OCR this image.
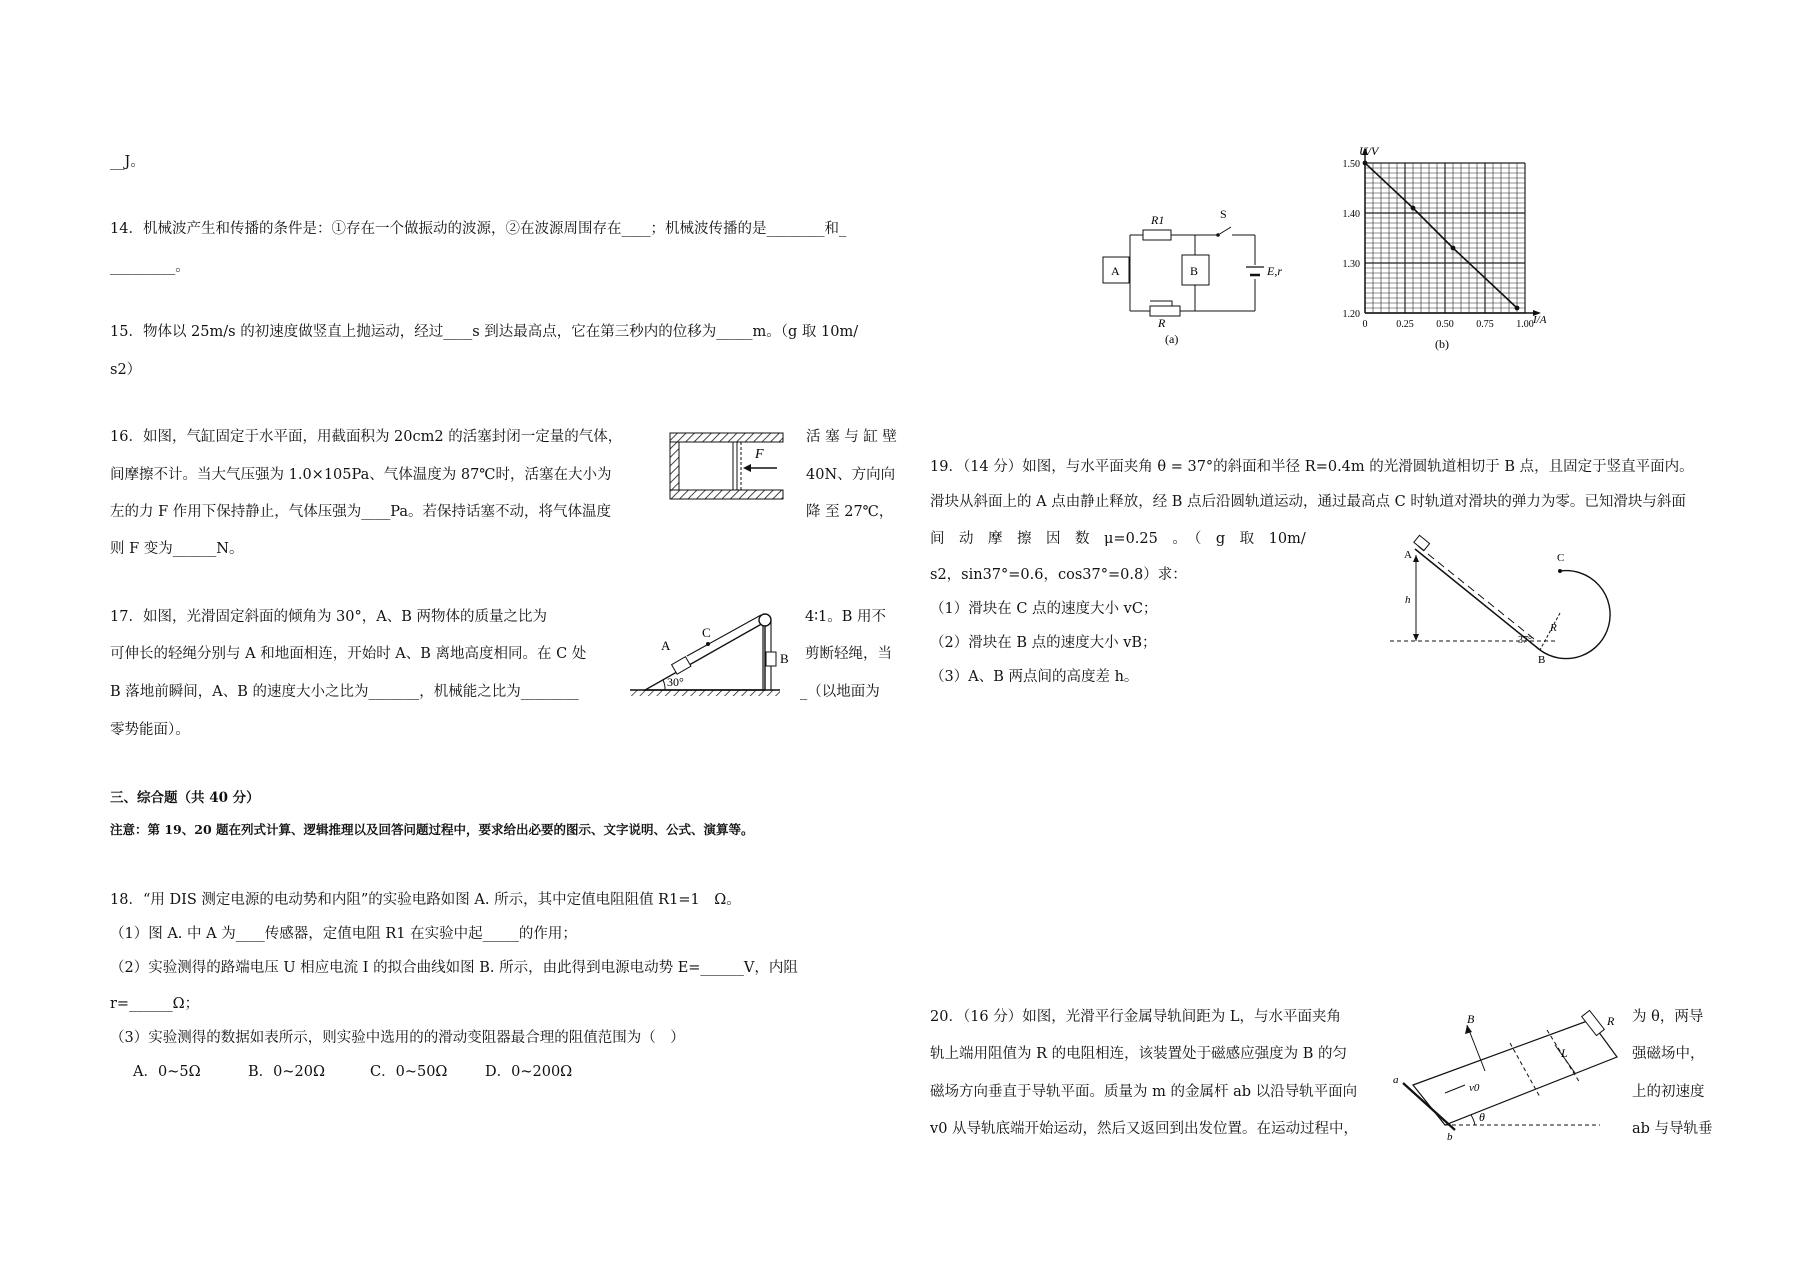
__J。
14．机械波产生和传播的条件是：①存在一个做振动的波源，②在波源周围存在____；机械波传播的是________和_
_________。
15．物体以 25m/s 的初速度做竖直上抛运动，经过____s 到达最高点，它在第三秒内的位移为_____m。（g 取 10m/
s2）
16．如图，气缸固定于水平面，用截面积为 20cm2 的活塞封闭一定量的气体，	活 塞 与 缸 壁
间摩擦不计。当大气压强为 1.0×105Pa、气体温度为 87℃时，活塞在大小为	40N、方向向
左的力 F 作用下保持静止，气体压强为____Pa。若保持话塞不动，将气体温度	降 至 27℃，
则 F 变为______N。
17．如图，光滑固定斜面的倾角为 30°，A、B 两物体的质量之比为	4∶1。B 用不
可伸长的轻绳分别与 A 和地面相连，开始时 A、B 离地高度相同。在 C 处	剪断轻绳，当
B 落地前瞬间，A、B 的速度大小之比为_______，机械能之比为________	_（以地面为
零势能面）。
三、综合题（共 40 分）
注意：第 19、20 题在列式计算、逻辑推理以及回答问题过程中，要求给出必要的图示、文字说明、公式、演算等。
18．“用 DIS 测定电源的电动势和内阻”的实验电路如图 A. 所示，其中定值电阻阻值 R1=1　Ω。
（1）图 A. 中 A 为____传感器，定值电阻 R1 在实验中起_____的作用；
（2）实验测得的路端电压 U 相应电流 I 的拟合曲线如图 B. 所示，由此得到电源电动势 E=______V，内阻
r=______Ω；
（3）实验测得的数据如表所示，则实验中选用的的滑动变阻器最合理的阻值范围为（　）
A．0~5Ω	B．0~20Ω	C．0~50Ω	D．0~200Ω
19．（14 分）如图，与水平面夹角 θ = 37°的斜面和半径 R=0.4m 的光滑圆轨道相切于 B 点，且固定于竖直平面内。
滑块从斜面上的 A 点由静止释放，经 B 点后沿圆轨道运动，通过最高点 C 时轨道对滑块的弹力为零。已知滑块与斜面
间　动　摩　擦　因　数　μ=0.25　。　（　g　取　10m/
s2，sin37°=0.6，cos37°=0.8）求：
（1）滑块在 C 点的速度大小 vC；
（2）滑块在 B 点的速度大小 vB；
（3）A、B 两点间的高度差 h。
20．（16 分）如图，光滑平行金属导轨间距为 L，与水平面夹角	为 θ，两导
轨上端用阻值为 R 的电阻相连，该装置处于磁感应强度为 B 的匀	强磁场中，
磁场方向垂直于导轨平面。质量为 m 的金属杆 ab 以沿导轨平面向	上的初速度
v0 从导轨底端开始运动，然后又返回到出发位置。在运动过程中，	ab 与导轨垂
F
A
C
B
30°
R1	S
A	B	E,r
R
(a)
1.50
1.40
1.30
1.20
0	0.25 0.50 0.75 1.00
U/V
I/A
(b)
A
h
C
R
37°
B
θ
a
b
v0
B	R
L
